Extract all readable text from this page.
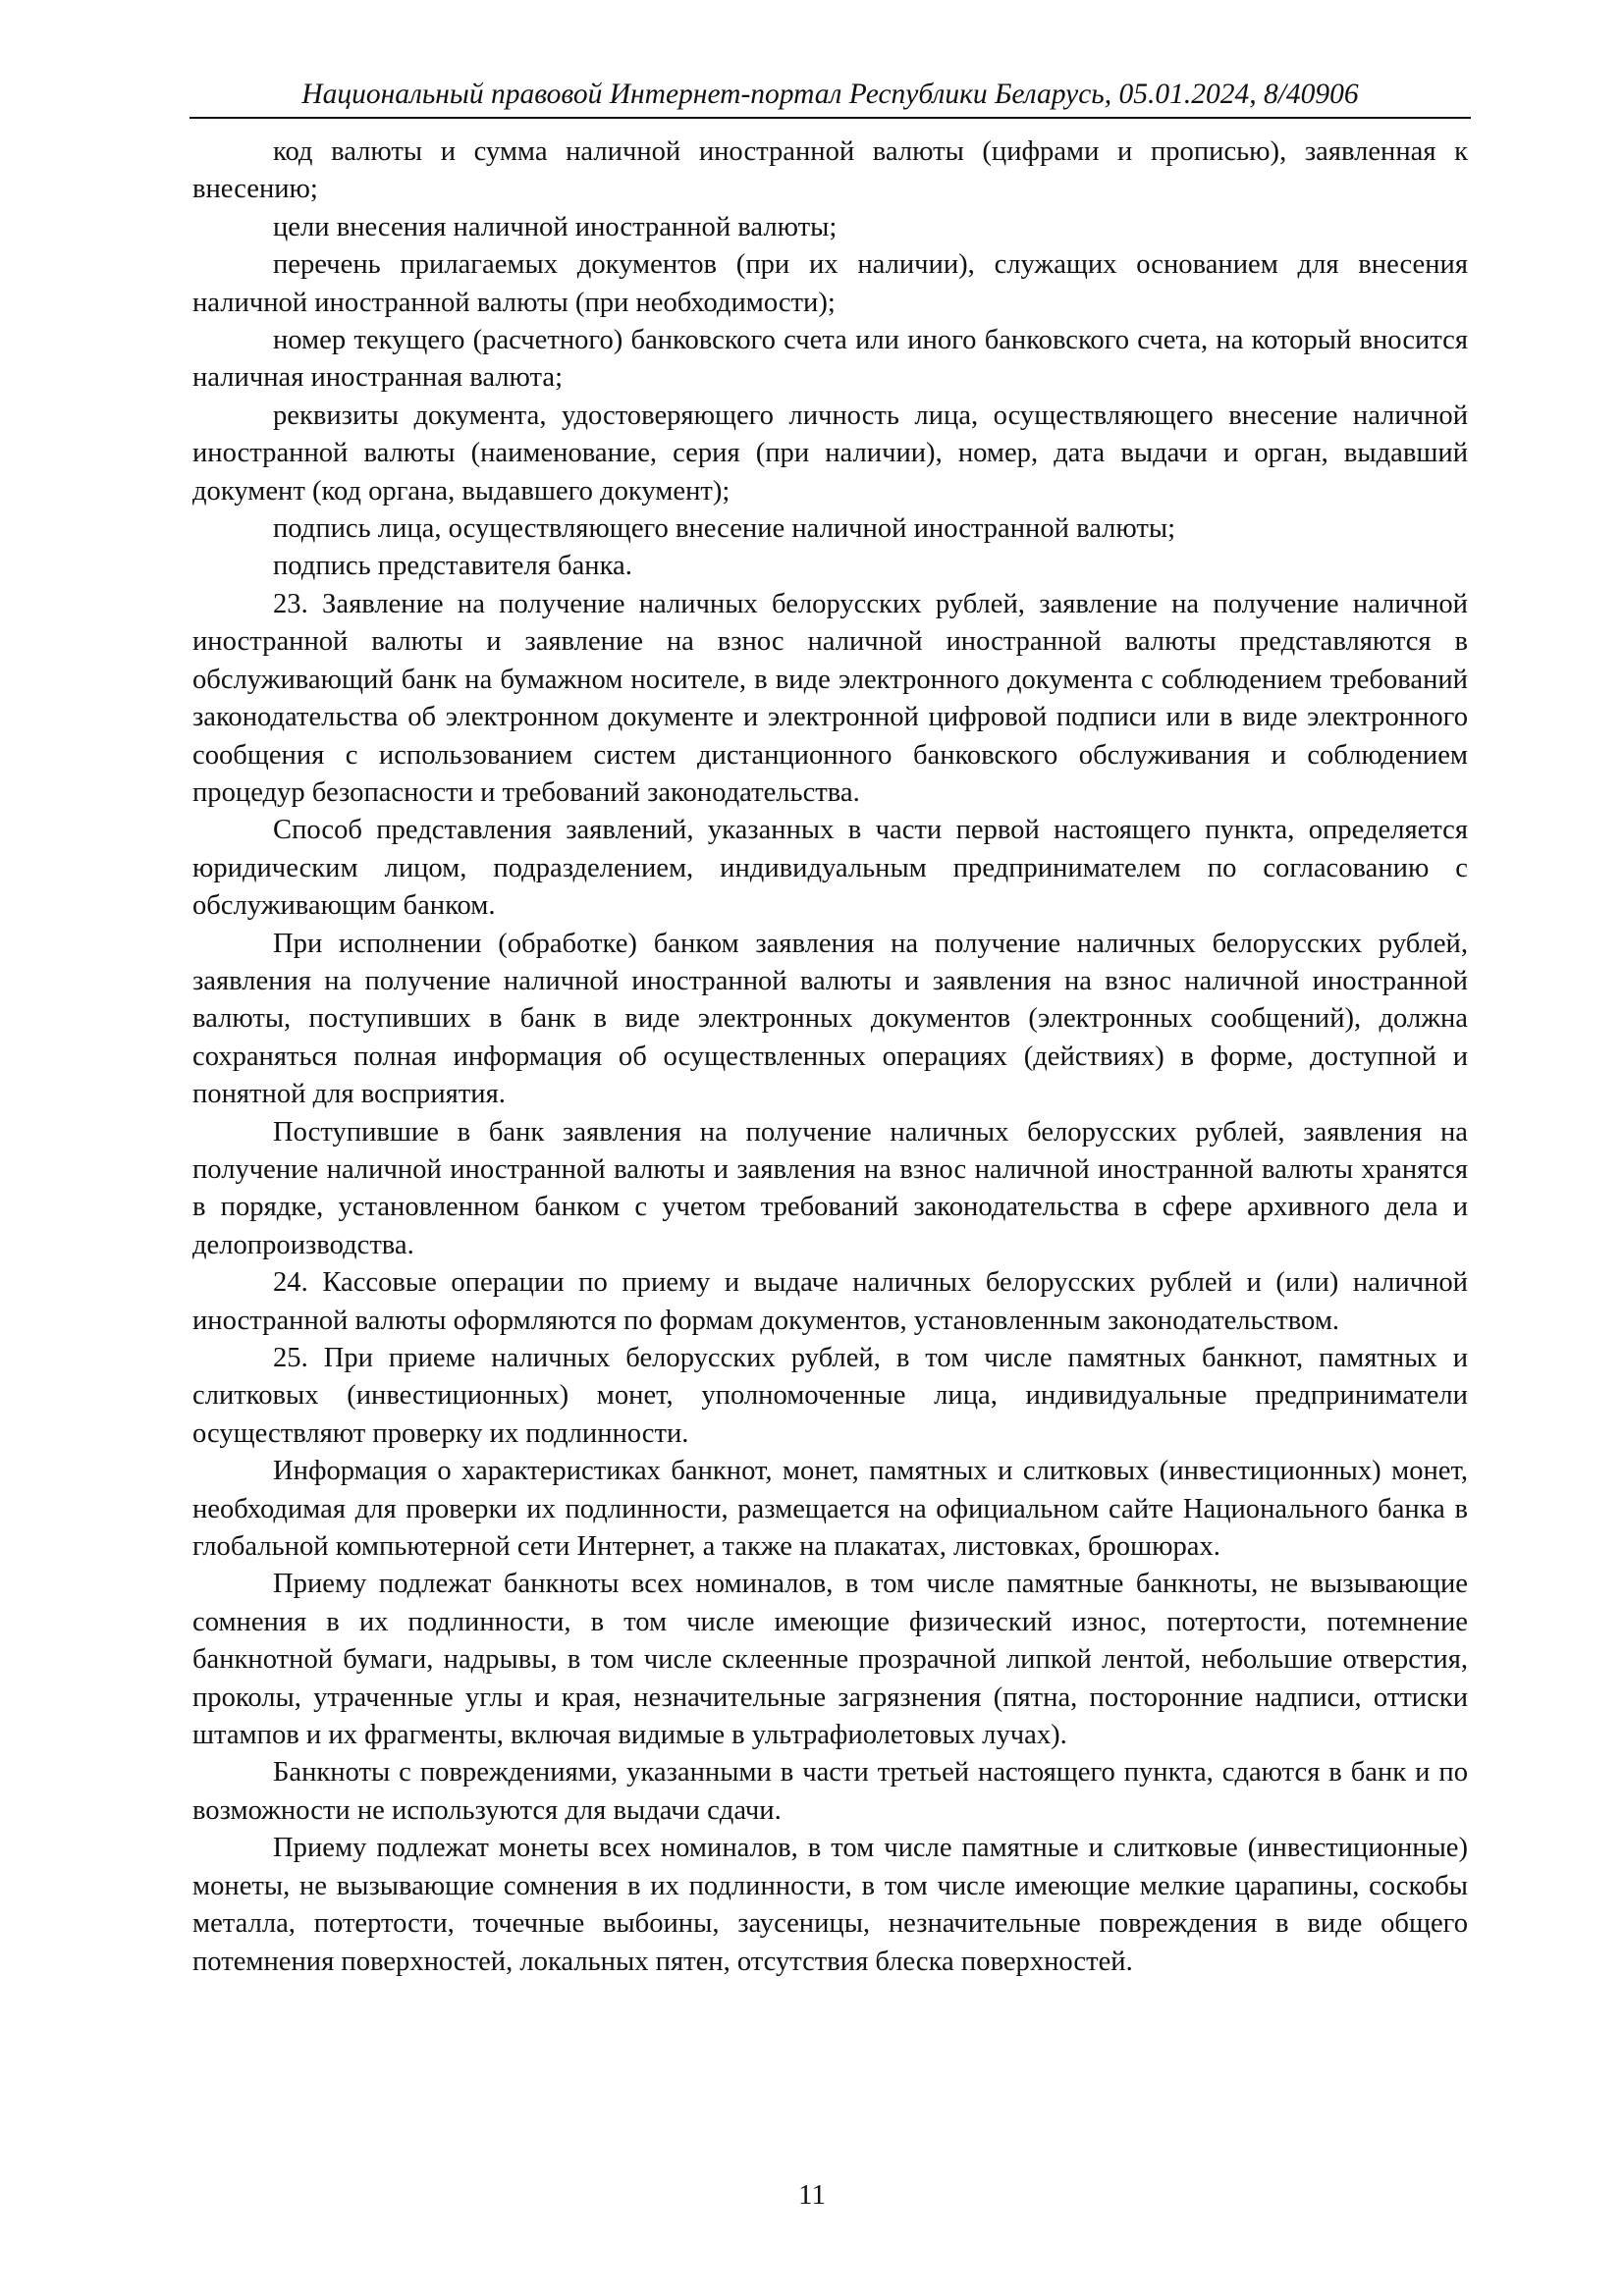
Национальный правовой Интернет-портал Республики Беларусь, 05.01.2024, 8/40906

код валюты и сумма наличной иностранной валюты (цифрами и прописью), заявленная к внесению;

цели внесения наличной иностранной валюты;

перечень прилагаемых документов (при их наличии), служащих основанием для внесения наличной иностранной валюты (при необходимости);

номер текущего (расчетного) банковского счета или иного банковского счета, на который вносится наличная иностранная валюта;

реквизиты документа, удостоверяющего личность лица, осуществляющего внесение наличной иностранной валюты (наименование, серия (при наличии), номер, дата выдачи и орган, выдавший документ (код органа, выдавшего документ);

подпись лица, осуществляющего внесение наличной иностранной валюты;

подпись представителя банка.

23. Заявление на получение наличных белорусских рублей, заявление на получение наличной иностранной валюты и заявление на взнос наличной иностранной валюты представляются в обслуживающий банк на бумажном носителе, в виде электронного документа с соблюдением требований законодательства об электронном документе и электронной цифровой подписи или в виде электронного сообщения с использованием систем дистанционного банковского обслуживания и соблюдением процедур безопасности и требований законодательства.

Способ представления заявлений, указанных в части первой настоящего пункта, определяется юридическим лицом, подразделением, индивидуальным предпринимателем по согласованию с обслуживающим банком.

При исполнении (обработке) банком заявления на получение наличных белорусских рублей, заявления на получение наличной иностранной валюты и заявления на взнос наличной иностранной валюты, поступивших в банк в виде электронных документов (электронных сообщений), должна сохраняться полная информация об осуществленных операциях (действиях) в форме, доступной и понятной для восприятия.

Поступившие в банк заявления на получение наличных белорусских рублей, заявления на получение наличной иностранной валюты и заявления на взнос наличной иностранной валюты хранятся в порядке, установленном банком с учетом требований законодательства в сфере архивного дела и делопроизводства.

24. Кассовые операции по приему и выдаче наличных белорусских рублей и (или) наличной иностранной валюты оформляются по формам документов, установленным законодательством.

25. При приеме наличных белорусских рублей, в том числе памятных банкнот, памятных и слитковых (инвестиционных) монет, уполномоченные лица, индивидуальные предприниматели осуществляют проверку их подлинности.

Информация о характеристиках банкнот, монет, памятных и слитковых (инвестиционных) монет, необходимая для проверки их подлинности, размещается на официальном сайте Национального банка в глобальной компьютерной сети Интернет, а также на плакатах, листовках, брошюрах.

Приему подлежат банкноты всех номиналов, в том числе памятные банкноты, не вызывающие сомнения в их подлинности, в том числе имеющие физический износ, потертости, потемнение банкнотной бумаги, надрывы, в том числе склеенные прозрачной липкой лентой, небольшие отверстия, проколы, утраченные углы и края, незначительные загрязнения (пятна, посторонние надписи, оттиски штампов и их фрагменты, включая видимые в ультрафиолетовых лучах).

Банкноты с повреждениями, указанными в части третьей настоящего пункта, сдаются в банк и по возможности не используются для выдачи сдачи.

Приему подлежат монеты всех номиналов, в том числе памятные и слитковые (инвестиционные) монеты, не вызывающие сомнения в их подлинности, в том числе имеющие мелкие царапины, соскобы металла, потертости, точечные выбоины, заусеницы, незначительные повреждения в виде общего потемнения поверхностей, локальных пятен, отсутствия блеска поверхностей.

11
